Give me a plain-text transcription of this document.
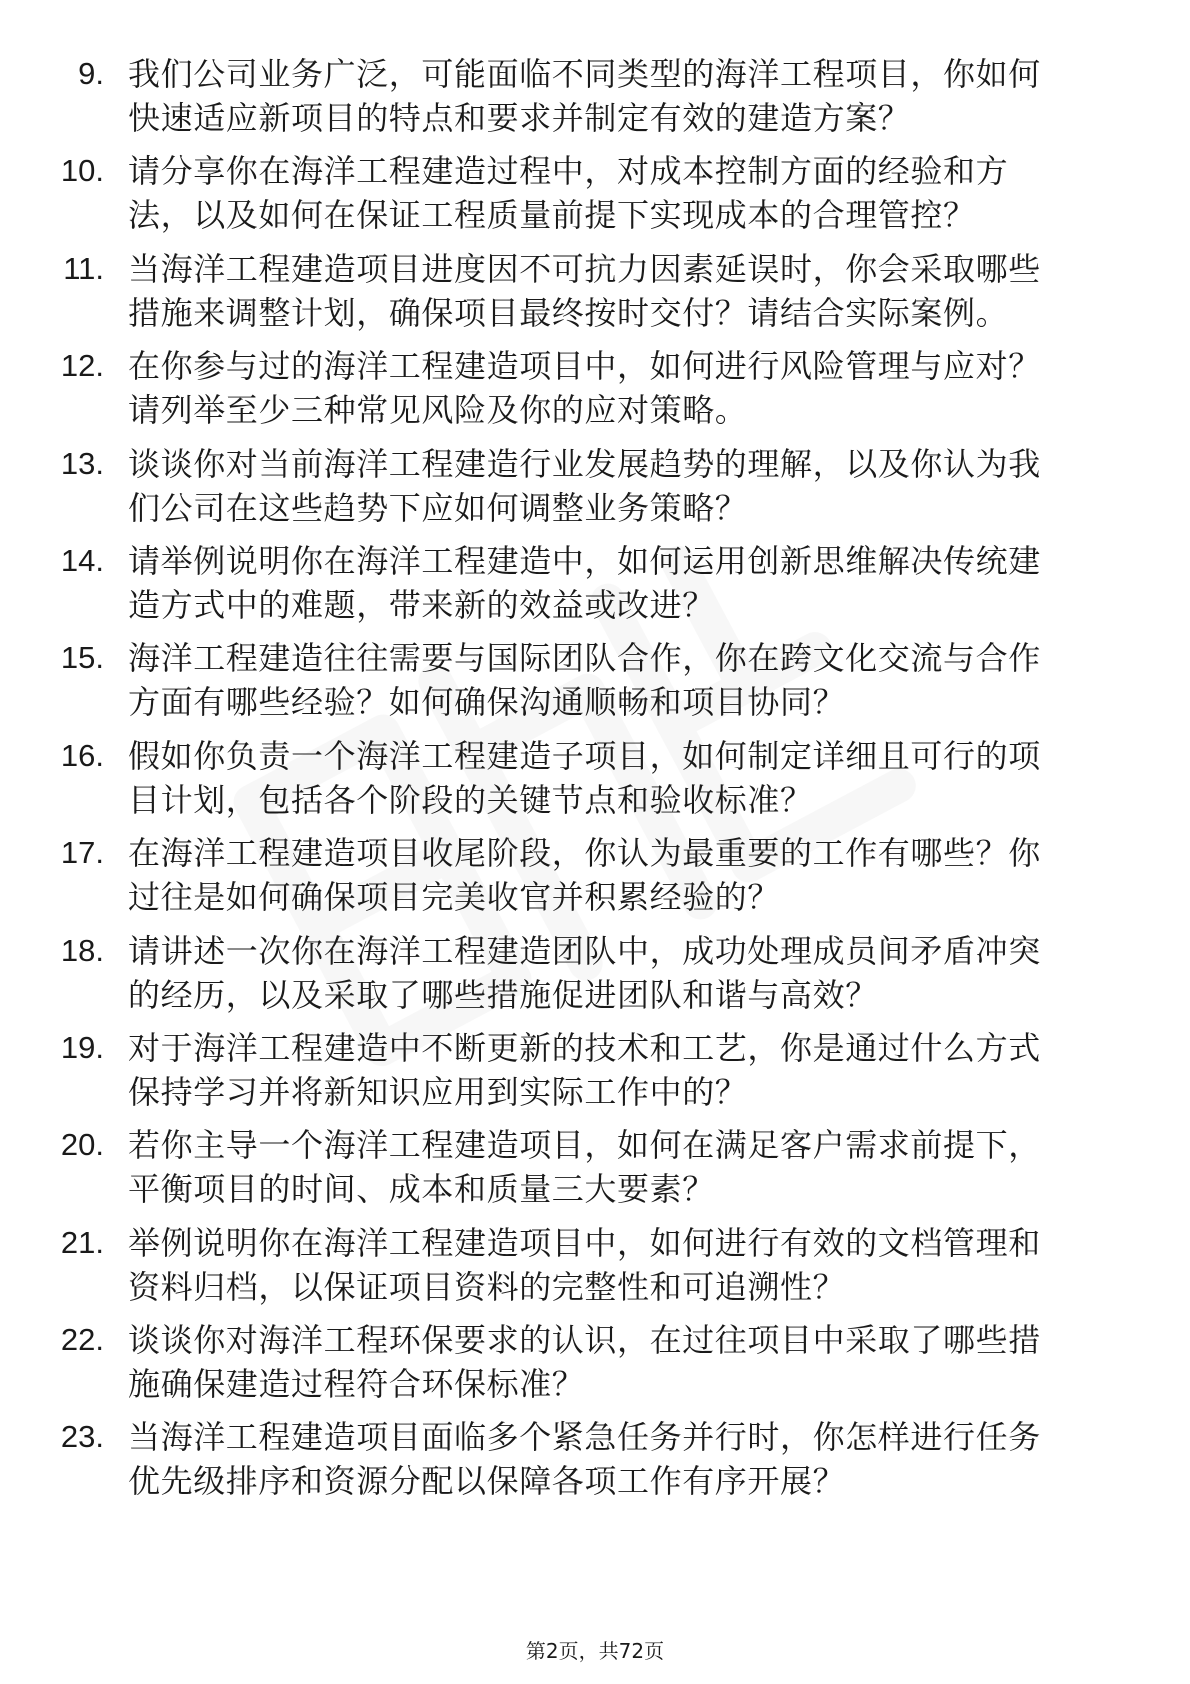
9. 我们公司业务广泛，可能面临不同类型的海洋工程项目，你如何
快速适应新项目的特点和要求并制定有效的建造方案？
10. 请分享你在海洋工程建造过程中，对成本控制方面的经验和方
法，以及如何在保证工程质量前提下实现成本的合理管控？
11. 当海洋工程建造项目进度因不可抗力因素延误时，你会采取哪些
措施来调整计划，确保项目最终按时交付？请结合实际案例。
12. 在你参与过的海洋工程建造项目中，如何进行风险管理与应对？
请列举至少三种常见风险及你的应对策略。
13. 谈谈你对当前海洋工程建造行业发展趋势的理解，以及你认为我
们公司在这些趋势下应如何调整业务策略？
14. 请举例说明你在海洋工程建造中，如何运用创新思维解决传统建
造方式中的难题，带来新的效益或改进？
15. 海洋工程建造往往需要与国际团队合作，你在跨文化交流与合作
方面有哪些经验？如何确保沟通顺畅和项目协同？
16. 假如你负责一个海洋工程建造子项目，如何制定详细且可行的项
目计划，包括各个阶段的关键节点和验收标准？
17. 在海洋工程建造项目收尾阶段，你认为最重要的工作有哪些？你
过往是如何确保项目完美收官并积累经验的？
18. 请讲述一次你在海洋工程建造团队中，成功处理成员间矛盾冲突
的经历，以及采取了哪些措施促进团队和谐与高效？
19. 对于海洋工程建造中不断更新的技术和工艺，你是通过什么方式
保持学习并将新知识应用到实际工作中的？
20. 若你主导一个海洋工程建造项目，如何在满足客户需求前提下，
平衡项目的时间、成本和质量三大要素？
21. 举例说明你在海洋工程建造项目中，如何进行有效的文档管理和
资料归档，以保证项目资料的完整性和可追溯性？
22. 谈谈你对海洋工程环保要求的认识，在过往项目中采取了哪些措
施确保建造过程符合环保标准？
23. 当海洋工程建造项目面临多个紧急任务并行时，你怎样进行任务
优先级排序和资源分配以保障各项工作有序开展？
第2页，共72页
